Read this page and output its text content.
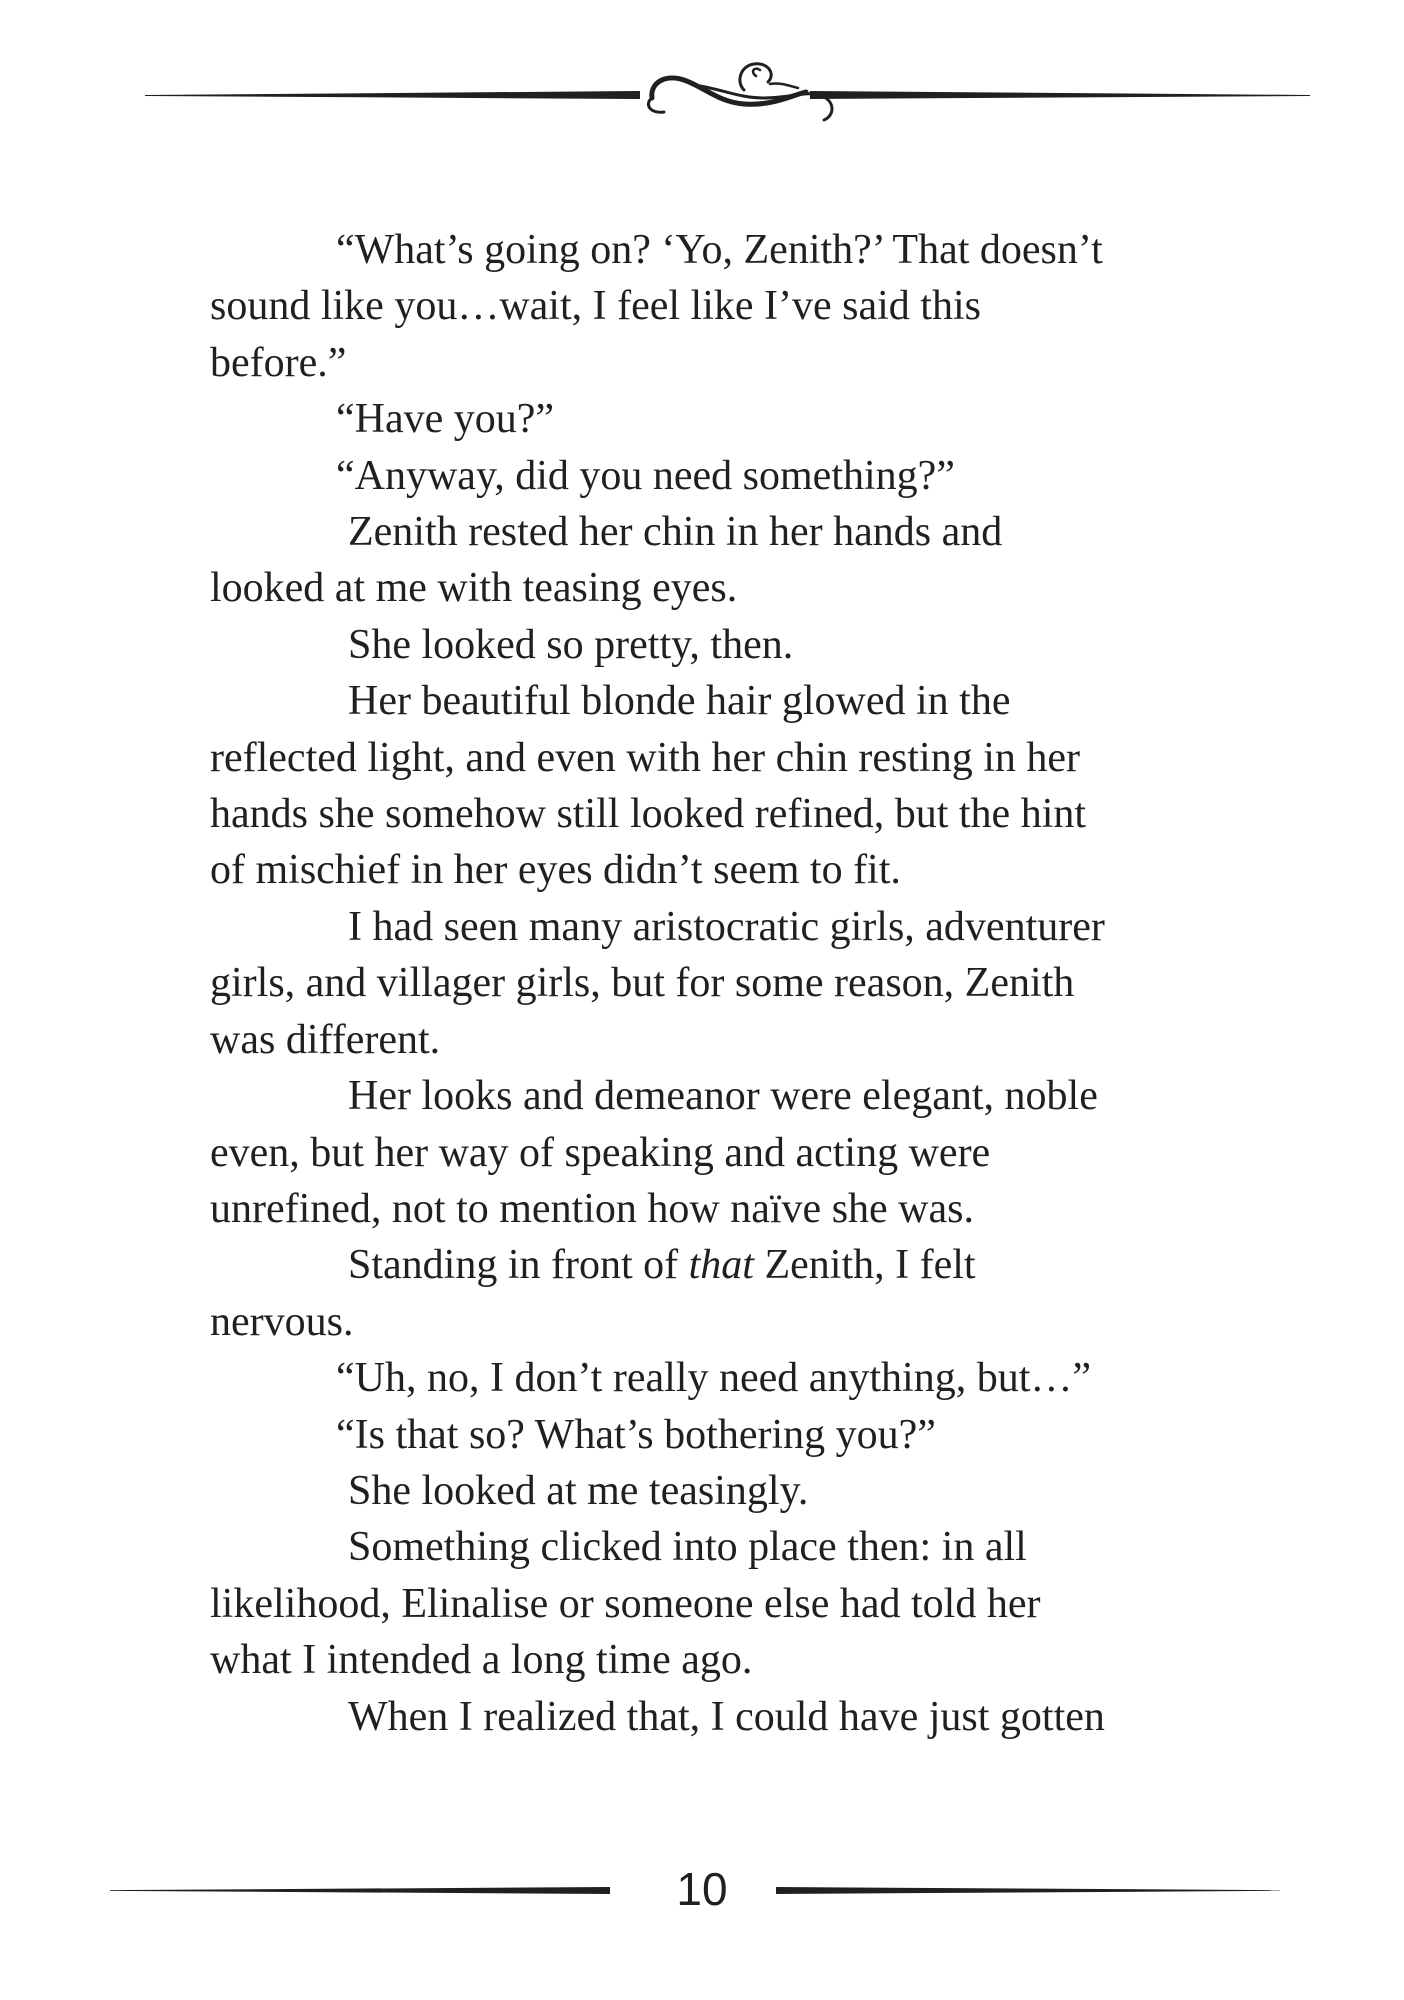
“What’s going on? ‘Yo, Zenith?’ That doesn’t

sound like you…wait, I feel like I’ve said this

before.”

“Have you?”

“Anyway, did you need something?”

Zenith rested her chin in her hands and

looked at me with teasing eyes.

She looked so pretty, then.

Her beautiful blonde hair glowed in the

reflected light, and even with her chin resting in her

hands she somehow still looked refined, but the hint

of mischief in her eyes didn’t seem to fit.

I had seen many aristocratic girls, adventurer

girls, and villager girls, but for some reason, Zenith

was different.

Her looks and demeanor were elegant, noble

even, but her way of speaking and acting were

unrefined, not to mention how naïve she was.

Standing in front of that Zenith, I felt

nervous.

“Uh, no, I don’t really need anything, but…”

“Is that so? What’s bothering you?”

She looked at me teasingly.

Something clicked into place then: in all

likelihood, Elinalise or someone else had told her

what I intended a long time ago.

When I realized that, I could have just gotten

10
